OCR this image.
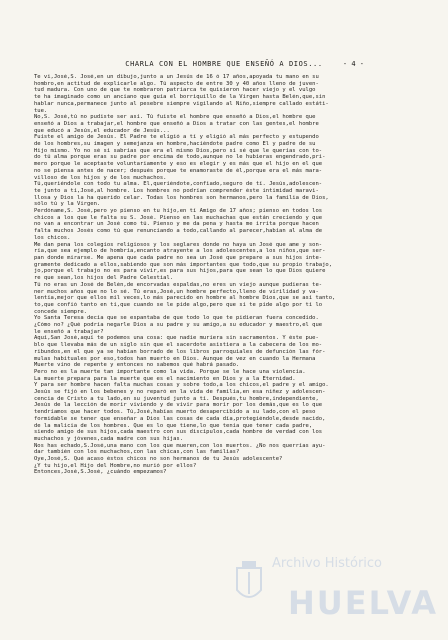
CHARLA CON EL HOMBRE QUE ENSEÑÓ A DIOS...	- 4 -

Te vi,José,S. José,en un dibujo,junto a un Jesús de 16 ó 17 años,apoyada tu mano en su

hombro,en actitud de explicarle algo. Tú aspecto de entre 30 y 40 años lleno de juven-

tud madura. Con uno de que te nombraron patriarca te quisieron hacer viejo y el vulgo

te ha imaginado como un anciano que guía el borriquillo de la Virgen hasta Belén,que,sin

hablar nunca,permanece junto al pesebre siempre vigilando al Niño,siempre callado estáti-

tue.

No,S. José,tú no pudiste ser así. Tú fuiste el hombre que enseñó a Dios,el hombre que

enseñó a Dios a trabajar,el hombre que enseñó a Dios a tratar con las gentes,el hombre

que educó a Jesús,el educador de Jesús...

Fuiste el amigo de Jesús. El Padre te eligió a tí y eligió al más perfecto y estupendo

de los hombres,su imagen y semejanza en hombre,haciéndote padre como Él y padre de su

Hijo mismo. Yo no sé si sabrías que era el mismo Dios,pero sí sé que le querías con to-

do tú alma porque eras su padre por encima de todo,aunque no le hubieras engendrado,pri-

mero porque le aceptaste voluntariamente y eso es elegir y es más que el hijo en el que

no se piensa antes de nacer; después porque te enamoraste de él,porque era el más mara-

villoso de los hijos y de los muchachos.

Tú,queriéndole con todo tu alma. Él,queriéndote,confiado,seguro de tí. Jesús,adolescen-

te junto a tí,José,al hombre. Los hombres no podrían comprender éste intimidad maravi-

llosa y Dios la ha querido celar. Todas los hombres son hermanos,pero la familia de Dios,

sólo tú y la Virgen.

Perdóname,S. José,pero yo pienso en tu hijo,en tí Amigo de 17 años; pienso en todos los

chicos a los que le falta su S. José. Pienso en las muchachas que están creciendo y que

no van a encontrar un José como tú. Pienso y me da pena y hasta me irrita porque hacen

falta muchos Josés como tú que renunciando a todo,callando al parecer,habían al alma de

los chicos.

Me dan pena los colegios religiosos y los seglares donde no haya un José que ame y son-

ría,que sea ejemplo de hombría,encanto atrayente a los adolescentes,a los niños,que ser-

pan donde mirarse. Me apena que cada padre no sea un José que prepare a sus hijos inte-

gramente dedicado a ellos,sabiendo que son más importantes que todo,que su propio trabajo,

jo,porque el trabajo no es para vivir,es para sus hijos,para que sean lo que Dios quiere

re que sean,los hijos del Padre Celestial.

Tú no eras un José de Belén,de encorvadas espaldas,no eres un viejo aunque pudieras te-

ner muchos años que no lo sé. Tú eras,José,un hombre perfecto,lleno de virilidad y va-

lentía,mejor que ellos mil veces,lo más parecido en hombre al hombre Dios,que se así tanto,

to,que confió tanto en tí,que cuando se le pide algo,pero que si te pide algo por tí lo

concede siempre.

Yo Santa Teresa decía que se espantaba de que todo lo que te pidieran fuera concedido.

¿Cómo no? ¿Qué podría negarle Dios a su padre y su amigo,a su educador y maestro,el que

le enseñó a trabajar?

Aquí,San José,aquí te podemos una cosa: que nadie muriera sin sacramentos. Y éste pue-

blo que llevaba más de un siglo sin que el sacerdote asistiera a la cabecera de los mo-

ribundos,en el que ya se habían borrado de los libros parroquiales de defunción las fór-

mulas habituales por eso,todos han muerto en Dios. Aunque de vez en cuando la Hermana

Muerte vino de repente y entonces no sabemos qué habrá pasado.

Pero no es la muerte tan importante como la vida. Porque se le hace una violencia.

La muerte prepara para la muerte que es el nacimiento en Dios y a la Eternidad.

Y para ser hombre hacen falta muchas cosas y sobre todo,a los chicos,el padre y el amigo.

Jesús se fijó en los bebenes y no reparó en la vida de familia,en esa niñez y adolescen-

cencia de Cristo a tu lado,en su juventud junto a tí. Después,tu hombre,independiente,

Jesús de la lección de morir viviendo y de vivir para morir por los demás,que es lo que

tendríamos que hacer todos. Tú,José,habías muerto desapercibido a su lado,con el peso

formidable se tener que enseñar a Dios las cosas de cada día,protegiéndole,desde nacido,

de la malicia de los hombres. Que es lo que tiene,lo que tenía que tener cada padre,

siendo amigo de sus hijos,cada maestro con sus discípulos,cada hombre de verdad con los

muchachos y jóvenes,cada madre con sus hijas.

Nos has echado,S.José,una mano con los que mueren,con los muertos. ¿No nos querrías ayu-

dar también con los muchachos,con las chicas,con las familias?

Oye,José,S. Qué acaso éstos chicos no son hermanos de tu Jesús adolescente?

¿Y tu hijo,el Hijo del Hombre,no murió por ellos?

Entonces,José,S.José, ¿cuándo empezamos?

Archivo Histórico
HUELVA
